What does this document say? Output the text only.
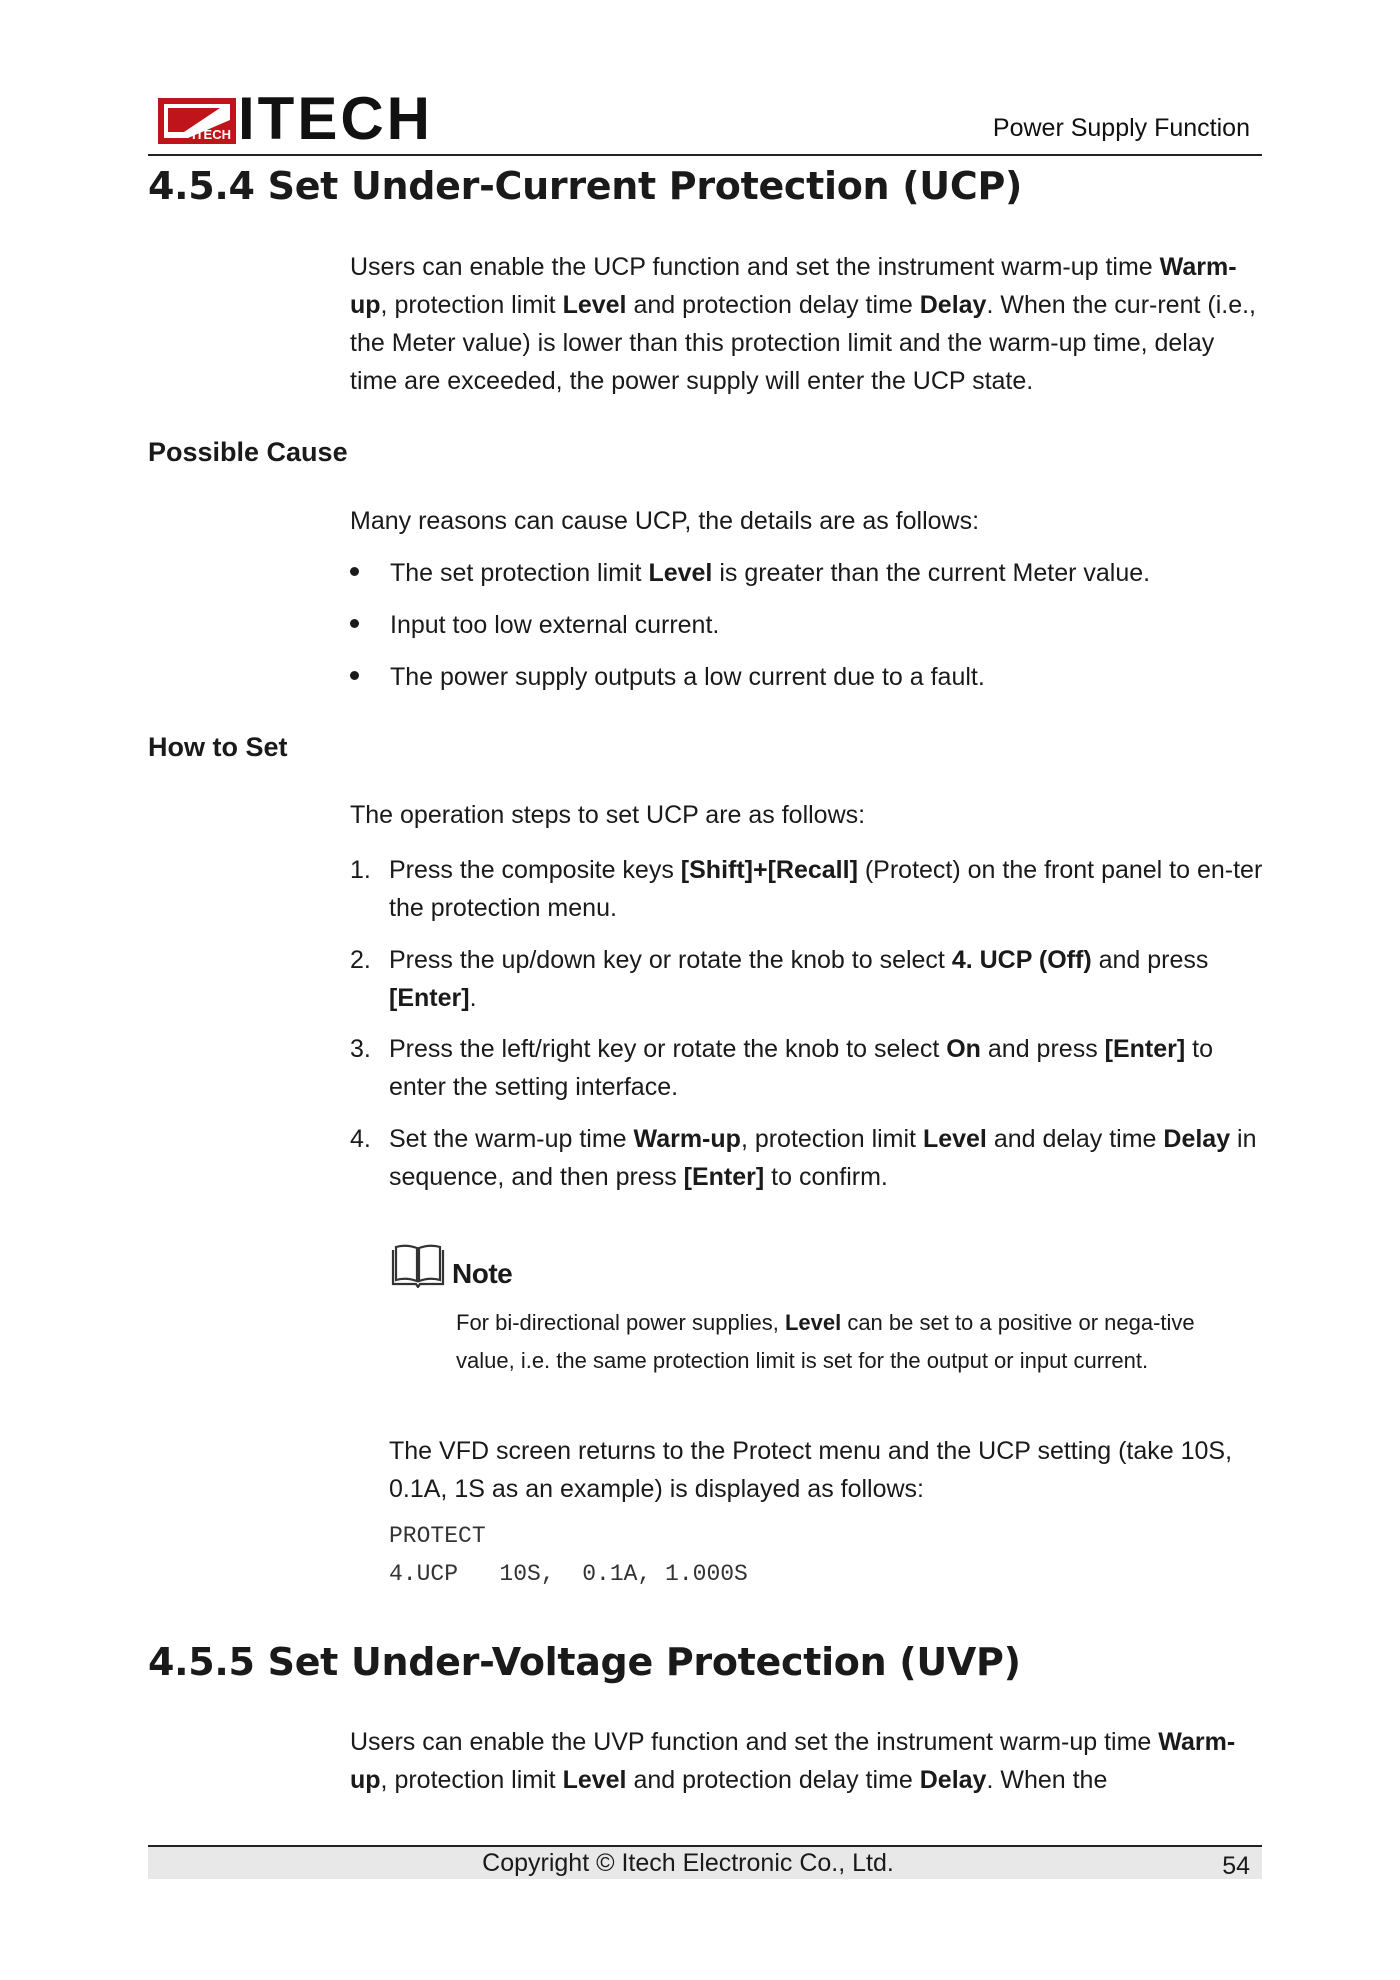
ITECH ITECH	Power Supply Function
4.5.4 Set Under-Current Protection (UCP)
Users can enable the UCP function and set the instrument warm-up time Warm-up, protection limit Level and protection delay time Delay. When the cur-rent (i.e., the Meter value) is lower than this protection limit and the warm-up time, delay time are exceeded, the power supply will enter the UCP state.
Possible Cause
Many reasons can cause UCP, the details are as follows:
The set protection limit Level is greater than the current Meter value.
Input too low external current.
The power supply outputs a low current due to a fault.
How to Set
The operation steps to set UCP are as follows:
1. Press the composite keys [Shift]+[Recall] (Protect) on the front panel to en-ter the protection menu.
2. Press the up/down key or rotate the knob to select 4. UCP (Off) and press [Enter].
3. Press the left/right key or rotate the knob to select On and press [Enter] to enter the setting interface.
4. Set the warm-up time Warm-up, protection limit Level and delay time Delay in sequence, and then press [Enter] to confirm.
Note
For bi-directional power supplies, Level can be set to a positive or nega-tive value, i.e. the same protection limit is set for the output or input current.
The VFD screen returns to the Protect menu and the UCP setting (take 10S, 0.1A, 1S as an example) is displayed as follows:
PROTECT
4.UCP   10S,  0.1A, 1.000S
4.5.5 Set Under-Voltage Protection (UVP)
Users can enable the UVP function and set the instrument warm-up time Warm-up, protection limit Level and protection delay time Delay. When the
Copyright © Itech Electronic Co., Ltd.	54
